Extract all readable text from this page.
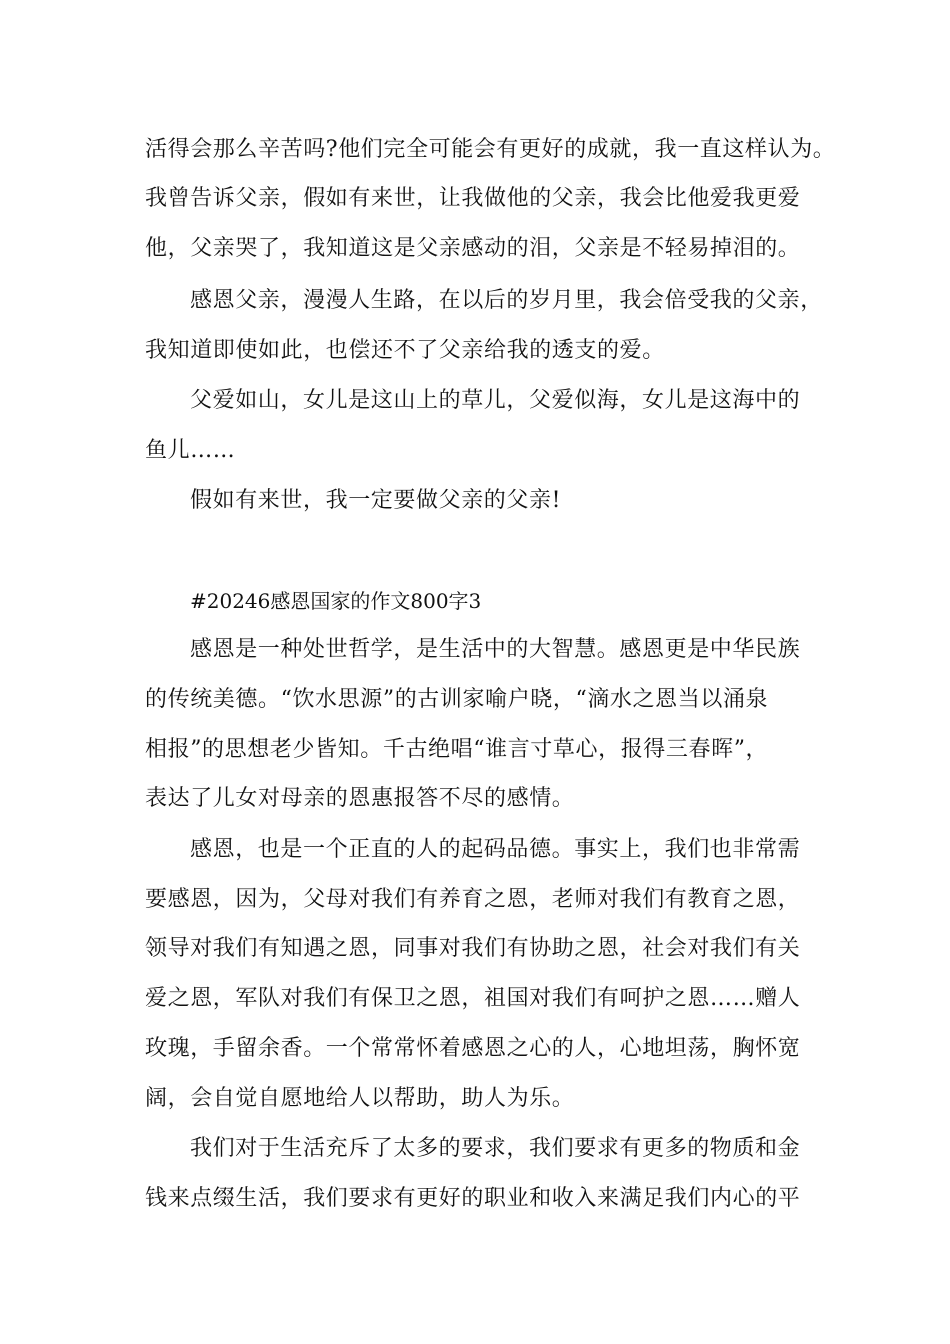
活得会那么辛苦吗?他们完全可能会有更好的成就，我一直这样认为。
我曾告诉父亲，假如有来世，让我做他的父亲，我会比他爱我更爱
他，父亲哭了，我知道这是父亲感动的泪，父亲是不轻易掉泪的。
感恩父亲，漫漫人生路，在以后的岁月里，我会倍受我的父亲，
我知道即使如此，也偿还不了父亲给我的透支的爱。
父爱如山，女儿是这山上的草儿，父爱似海，女儿是这海中的
鱼儿……
假如有来世，我一定要做父亲的父亲!
#20246感恩国家的作文800字3
感恩是一种处世哲学，是生活中的大智慧。感恩更是中华民族
的传统美德。“饮水思源”的古训家喻户晓，“滴水之恩当以涌泉
相报”的思想老少皆知。千古绝唱“谁言寸草心，报得三春晖”，
表达了儿女对母亲的恩惠报答不尽的感情。
感恩，也是一个正直的人的起码品德。事实上，我们也非常需
要感恩，因为，父母对我们有养育之恩，老师对我们有教育之恩，
领导对我们有知遇之恩，同事对我们有协助之恩，社会对我们有关
爱之恩，军队对我们有保卫之恩，祖国对我们有呵护之恩……赠人
玫瑰，手留余香。一个常常怀着感恩之心的人，心地坦荡，胸怀宽
阔，会自觉自愿地给人以帮助，助人为乐。
我们对于生活充斥了太多的要求，我们要求有更多的物质和金
钱来点缀生活，我们要求有更好的职业和收入来满足我们内心的平
